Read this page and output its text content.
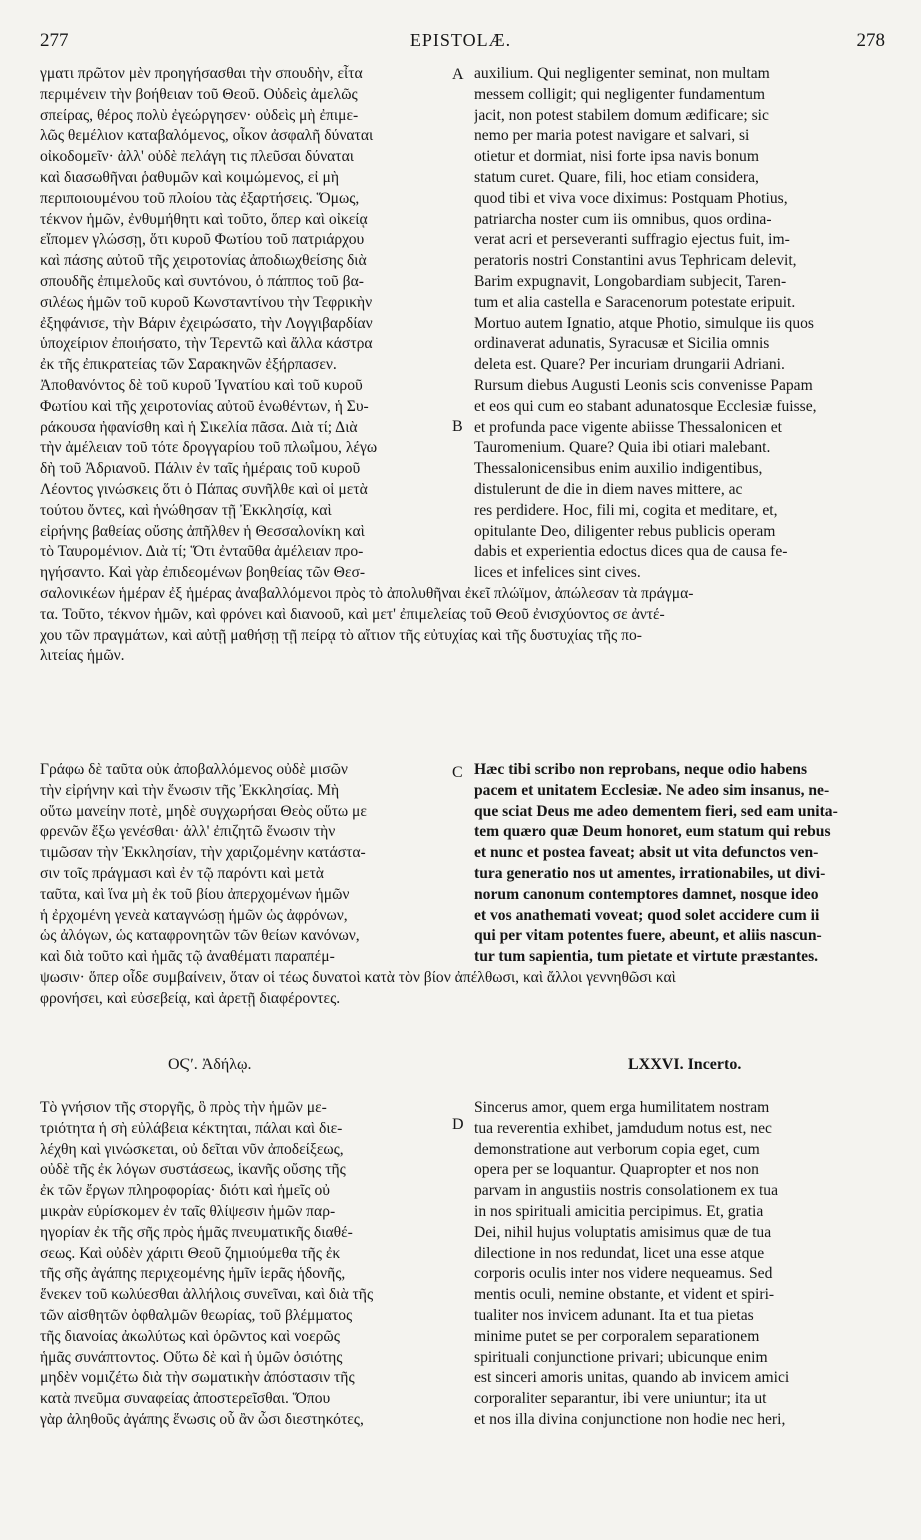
277	EPISTOLÆ.	278
γματι πρῶτον μὲν προηγήσασθαι τὴν σπουδὴν, εἶτα
περιμένειν τὴν βοήθειαν τοῦ Θεοῦ. Οὐδεὶς ἀμελῶς
σπείρας, θέρος πολὺ ἐγεώργησεν· οὐδεὶς μὴ ἐπιμε-
λῶς θεμέλιον καταβαλόμενος, οἶκον ἀσφαλῆ δύναται
οἰκοδομεῖν· ἀλλ' οὐδὲ πελάγη τις πλεῦσαι δύναται
καὶ διασωθῆναι ῥαθυμῶν καὶ κοιμώμενος, εἰ μὴ
περιποιουμένου τοῦ πλοίου τὰς ἐξαρτήσεις. Ὅμως,
τέκνον ἡμῶν, ἐνθυμήθητι καὶ τοῦτο, ὅπερ καὶ οἰκείᾳ
εἴπομεν γλώσσῃ, ὅτι κυροῦ Φωτίου τοῦ πατριάρχου
καὶ πάσης αὐτοῦ τῆς χειροτονίας ἀποδιωχθείσης διὰ
σπουδῆς ἐπιμελοῦς καὶ συντόνου, ὁ πάππος τοῦ βα-
σιλέως ἡμῶν τοῦ κυροῦ Κωνσταντίνου τὴν Τεφρικὴν
ἐξηφάνισε, τὴν Βάριν ἐχειρώσατο, τὴν Λογγιβαρδίαν
ὑποχείριον ἐποιήσατο, τὴν Τερεντῶ καὶ ἄλλα κάστρα
ἐκ τῆς ἐπικρατείας τῶν Σαρακηνῶν ἐξήρπασεν.
Ἀποθανόντος δὲ τοῦ κυροῦ Ἰγνατίου καὶ τοῦ κυροῦ
Φωτίου καὶ τῆς χειροτονίας αὐτοῦ ἑνωθέντων, ἡ Συ-
ράκουσα ἠφανίσθη καὶ ἡ Σικελία πᾶσα. Διὰ τί; Διὰ
τὴν ἀμέλειαν τοῦ τότε δρογγαρίου τοῦ πλωΐμου, λέγω
δὴ τοῦ Ἀδριανοῦ. Πάλιν ἐν ταῖς ἡμέραις τοῦ κυροῦ
Λέοντος γινώσκεις ὅτι ὁ Πάπας συνῆλθε καὶ οἱ μετὰ
τούτου ὄντες, καὶ ἡνώθησαν τῇ Ἐκκλησίᾳ, καὶ
εἰρήνης βαθείας οὔσης ἀπῆλθεν ἡ Θεσσαλονίκη καὶ
τὸ Ταυρομένιον. Διὰ τί; Ὅτι ἐνταῦθα ἀμέλειαν προ-
ηγήσαντο. Καὶ γὰρ ἐπιδεομένων βοηθείας τῶν Θεσ-
auxilium. Qui negligenter seminat, non multam
messem colligit; qui negligenter fundamentum
jacit, non potest stabilem domum ædificare; sic
nemo per maria potest navigare et salvari, si
otietur et dormiat, nisi forte ipsa navis bonum
statum curet. Quare, fili, hoc etiam considera,
quod tibi et viva voce diximus: Postquam Photius,
patriarcha noster cum iis omnibus, quos ordina-
verat acri et perseveranti suffragio ejectus fuit, im-
peratoris nostri Constantini avus Tephricam delevit,
Barim expugnavit, Longobardiam subjecit, Taren-
tum et alia castella e Saracenorum potestate eripuit.
Mortuo autem Ignatio, atque Photio, simulque iis quos
ordinaverat adunatis, Syracusæ et Sicilia omnis
deleta est. Quare? Per incuriam drungarii Adriani.
Rursum diebus Augusti Leonis scis convenisse Papam
et eos qui cum eo stabant adunatosque Ecclesiæ fuisse,
et profunda pace vigente abiisse Thessalonicen et
Tauromenium. Quare? Quia ibi otiari malebant.
Thessalonicensibus enim auxilio indigentibus,
distulerunt de die in diem naves mittere, ac
res perdidere. Hoc, fili mi, cogita et meditare, et,
opitulante Deo, diligenter rebus publicis operam
dabis et experientia edoctus dices qua de causa fe-
lices et infelices sint cives.
σαλονικέων ἡμέραν ἐξ ἡμέρας ἀναβαλλόμενοι πρὸς τὸ ἀπολυθῆναι ἐκεῖ πλώϊμον, ἀπώλεσαν τὰ πράγμα-
τα. Τοῦτο, τέκνον ἡμῶν, καὶ φρόνει καὶ διανοοῦ, καὶ μετ' ἐπιμελείας τοῦ Θεοῦ ἐνισχύοντος σε ἀντέ-
χου τῶν πραγμάτων, καὶ αὐτῇ μαθήσῃ τῇ πείρᾳ τὸ αἴτιον τῆς εὐτυχίας καὶ τῆς δυστυχίας τῆς πο-
λιτείας ἡμῶν.
A
B
Γράφω δὲ ταῦτα οὐκ ἀποβαλλόμενος οὐδὲ μισῶν
τὴν εἰρήνην καὶ τὴν ἕνωσιν τῆς Ἐκκλησίας. Μὴ
οὕτω μανείην ποτὲ, μηδὲ συγχωρήσαι Θεὸς οὕτω με
φρενῶν ἔξω γενέσθαι· ἀλλ' ἐπιζητῶ ἕνωσιν τὴν
τιμῶσαν τὴν Ἐκκλησίαν, τὴν χαριζομένην κατάστα-
σιν τοῖς πράγμασι καὶ ἐν τῷ παρόντι καὶ μετὰ
ταῦτα, καὶ ἵνα μὴ ἐκ τοῦ βίου ἀπερχομένων ἡμῶν
ἡ ἐρχομένη γενεὰ καταγνώσῃ ἡμῶν ὡς ἀφρόνων,
ὡς ἀλόγων, ὡς καταφρονητῶν τῶν θείων κανόνων,
καὶ διὰ τοῦτο καὶ ἡμᾶς τῷ ἀναθέματι παραπέμ-
Hæc tibi scribo non reprobans, neque odio habens
pacem et unitatem Ecclesiæ. Ne adeo sim insanus, ne-
que sciat Deus me adeo dementem fieri, sed eam unita-
tem quæro quæ Deum honoret, eum statum qui rebus
et nunc et postea faveat; absit ut vita defunctos ven-
tura generatio nos ut amentes, irrationabiles, ut divi-
norum canonum contemptores damnet, nosque ideo
et vos anathemati voveat; quod solet accidere cum ii
qui per vitam potentes fuere, abeunt, et aliis nascun-
tur tum sapientia, tum pietate et virtute præstantes.
ψωσιν· ὅπερ οἶδε συμβαίνειν, ὅταν οἱ τέως δυνατοὶ κατὰ τὸν βίον ἀπέλθωσι, καὶ ἄλλοι γεννηθῶσι καὶ
φρονήσει, καὶ εὐσεβείᾳ, καὶ ἀρετῇ διαφέροντες.
C
ΟϚʹ. Ἀδήλῳ.	LXXVI. Incerto.
Τὸ γνήσιον τῆς στοργῆς, ὃ πρὸς τὴν ἡμῶν με-
τριότητα ἡ σὴ εὐλάβεια κέκτηται, πάλαι καὶ διε-
λέχθη καὶ γινώσκεται, οὐ δεῖται νῦν ἀποδείξεως,
οὐδὲ τῆς ἐκ λόγων συστάσεως, ἱκανῆς οὔσης τῆς
ἐκ τῶν ἔργων πληροφορίας· διότι καὶ ἡμεῖς οὐ
μικρὰν εὑρίσκομεν ἐν ταῖς θλίψεσιν ἡμῶν παρ-
ηγορίαν ἐκ τῆς σῆς πρὸς ἡμᾶς πνευματικῆς διαθέ-
σεως. Καὶ οὐδὲν χάριτι Θεοῦ ζημιούμεθα τῆς ἐκ
τῆς σῆς ἀγάπης περιχεομένης ἡμῖν ἱερᾶς ἡδονῆς,
ἕνεκεν τοῦ κωλύεσθαι ἀλλήλοις συνεῖναι, καὶ διὰ τῆς
τῶν αἰσθητῶν ὀφθαλμῶν θεωρίας, τοῦ βλέμματος
τῆς διανοίας ἀκωλύτως καὶ ὁρῶντος καὶ νοερῶς
ἡμᾶς συνάπτοντος. Οὕτω δὲ καὶ ἡ ὑμῶν ὁσιότης
μηδὲν νομιζέτω διὰ τὴν σωματικὴν ἀπόστασιν τῆς
κατὰ πνεῦμα συναφείας ἀποστερεῖσθαι. Ὅπου
γὰρ ἀληθοῦς ἀγάπης ἕνωσις οὗ ἂν ὦσι διεστηκότες,
Sincerus amor, quem erga humilitatem nostram
tua reverentia exhibet, jamdudum notus est, nec
demonstratione aut verborum copia eget, cum
opera per se loquantur. Quapropter et nos non
parvam in angustiis nostris consolationem ex tua
in nos spirituali amicitia percipimus. Et, gratia
Dei, nihil hujus voluptatis amisimus quæ de tua
dilectione in nos redundat, licet una esse atque
corporis oculis inter nos videre nequeamus. Sed
mentis oculi, nemine obstante, et vident et spiri-
tualiter nos invicem adunant. Ita et tua pietas
minime putet se per corporalem separationem
spirituali conjunctione privari; ubicunque enim
est sinceri amoris unitas, quando ab invicem amici
corporaliter separantur, ibi vere uniuntur; ita ut
et nos illa divina conjunctione non hodie nec heri,
D
